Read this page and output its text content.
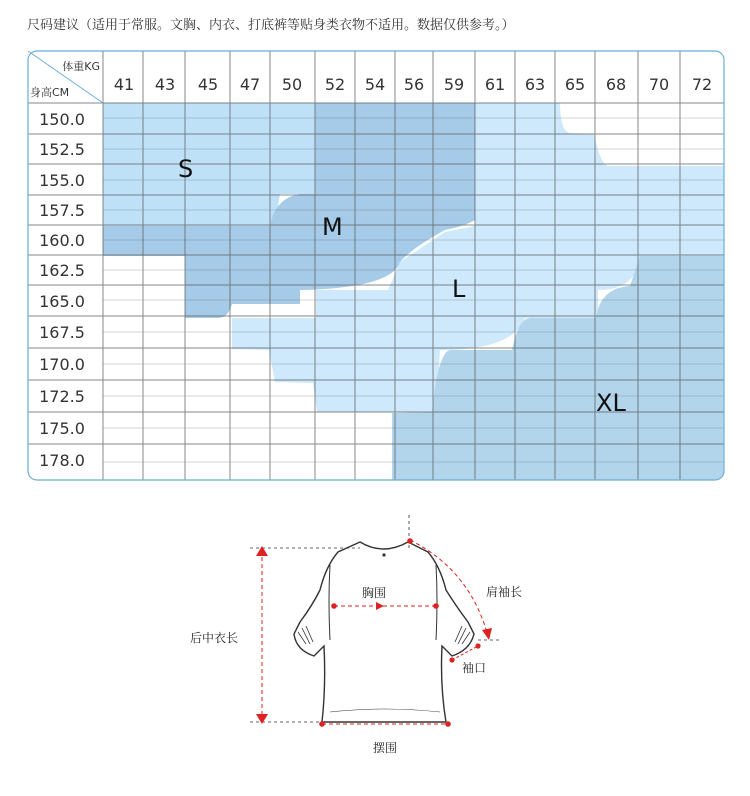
尺码建议（适用于常服。文胸、内衣、打底裤等贴身类衣物不适用。数据仅供参考。）
体重KG
身高CM	41 43 45 47 50 52 54 56 59 61 63 65 68 70 72
150.0
152.5
155.0
157.5
160.0
162.5
165.0
167.5
170.0
172.5
175.0
178.0
S
M
L
XL
胸围	肩袖长
后中衣长
袖口
摆围
